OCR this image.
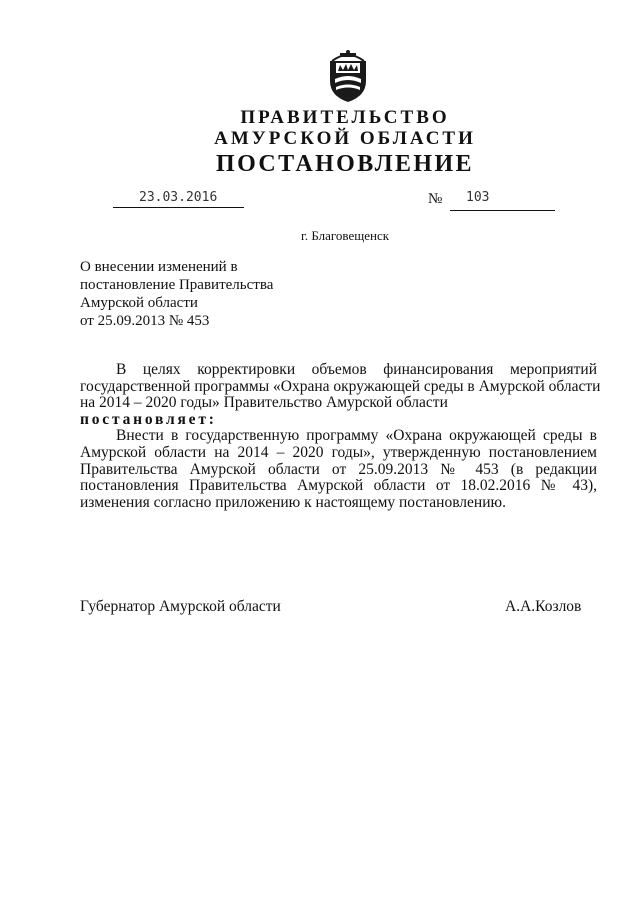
ПРАВИТЕЛЬСТВО
АМУРСКОЙ ОБЛАСТИ
ПОСТАНОВЛЕНИЕ
23.03.2016	№ 103
г. Благовещенск
О внесении изменений в
постановление Правительства
Амурской области
от 25.09.2013 № 453
В целях корректировки объемов финансирования мероприятий
государственной программы «Охрана окружающей среды в Амурской области
на 2014 – 2020 годы» Правительство Амурской области
постановляет:
Внести в государственную программу «Охрана окружающей среды в
Амурской области на 2014 – 2020 годы», утвержденную постановлением
Правительства Амурской области от 25.09.2013 № 453 (в редакции
постановления Правительства Амурской области от 18.02.2016 № 43),
изменения согласно приложению к настоящему постановлению.
Губернатор Амурской области	А.А.Козлов
